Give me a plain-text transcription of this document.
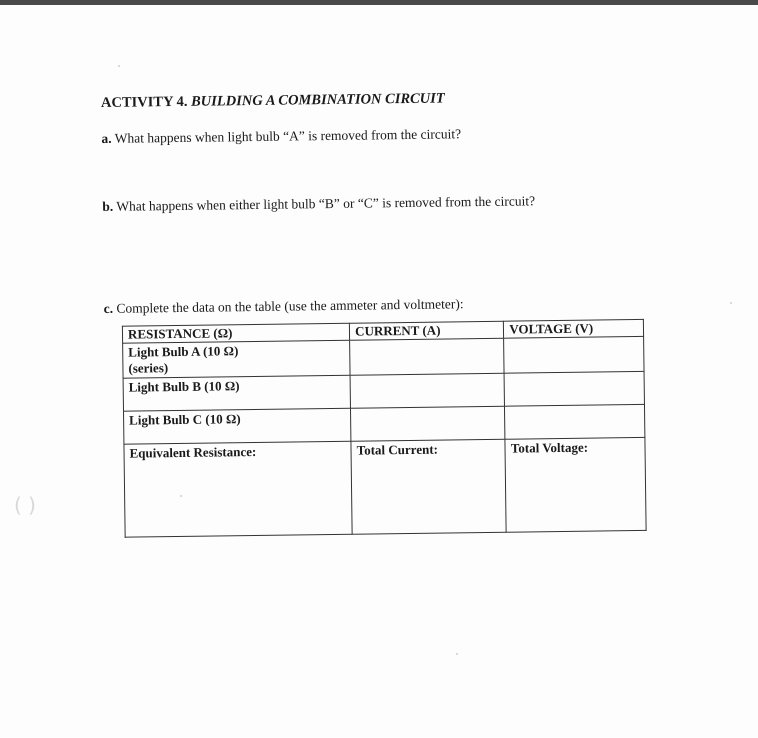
( )
ACTIVITY 4. BUILDING A COMBINATION CIRCUIT
a. What happens when light bulb “A” is removed from the circuit?
b. What happens when either light bulb “B” or “C” is removed from the circuit?
c. Complete the data on the table (use the ammeter and voltmeter):
RESISTANCE (Ω)	CURRENT (A)	VOLTAGE (V)

Light Bulb A (10 Ω)
(series)		

Light Bulb B (10 Ω)		
Light Bulb C (10 Ω)		
Equivalent Resistance:	Total Current:	Total Voltage:
